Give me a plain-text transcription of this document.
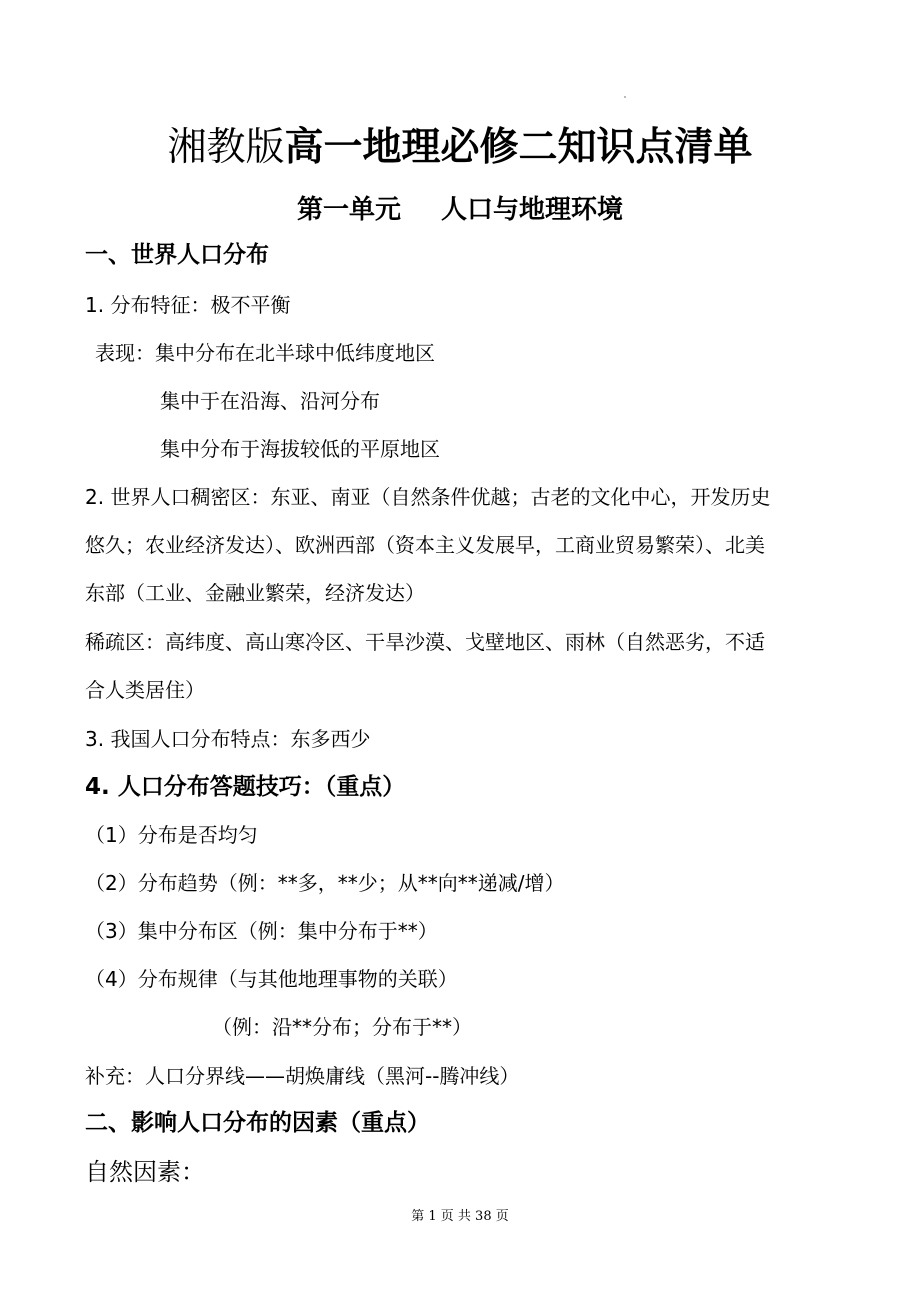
湘教版高一地理必修二知识点清单
第一单元 人口与地理环境
一、世界人口分布
1. 分布特征：极不平衡
表现：集中分布在北半球中低纬度地区
集中于在沿海、沿河分布
集中分布于海拔较低的平原地区
2. 世界人口稠密区：东亚、南亚（自然条件优越；古老的文化中心，开发历史
悠久；农业经济发达）、欧洲西部（资本主义发展早，工商业贸易繁荣）、北美
东部（工业、金融业繁荣，经济发达）
稀疏区：高纬度、高山寒冷区、干旱沙漠、戈壁地区、雨林（自然恶劣，不适
合人类居住）
3. 我国人口分布特点：东多西少
4. 人口分布答题技巧：（重点）
（1）分布是否均匀
（2）分布趋势（例：**多，**少；从**向**递减/增）
（3）集中分布区（例：集中分布于**）
（4）分布规律（与其他地理事物的关联）
（例：沿**分布；分布于**）
补充：人口分界线——胡焕庸线（黑河--腾冲线）
二、影响人口分布的因素（重点）
自然因素：
第 1 页 共 38 页
